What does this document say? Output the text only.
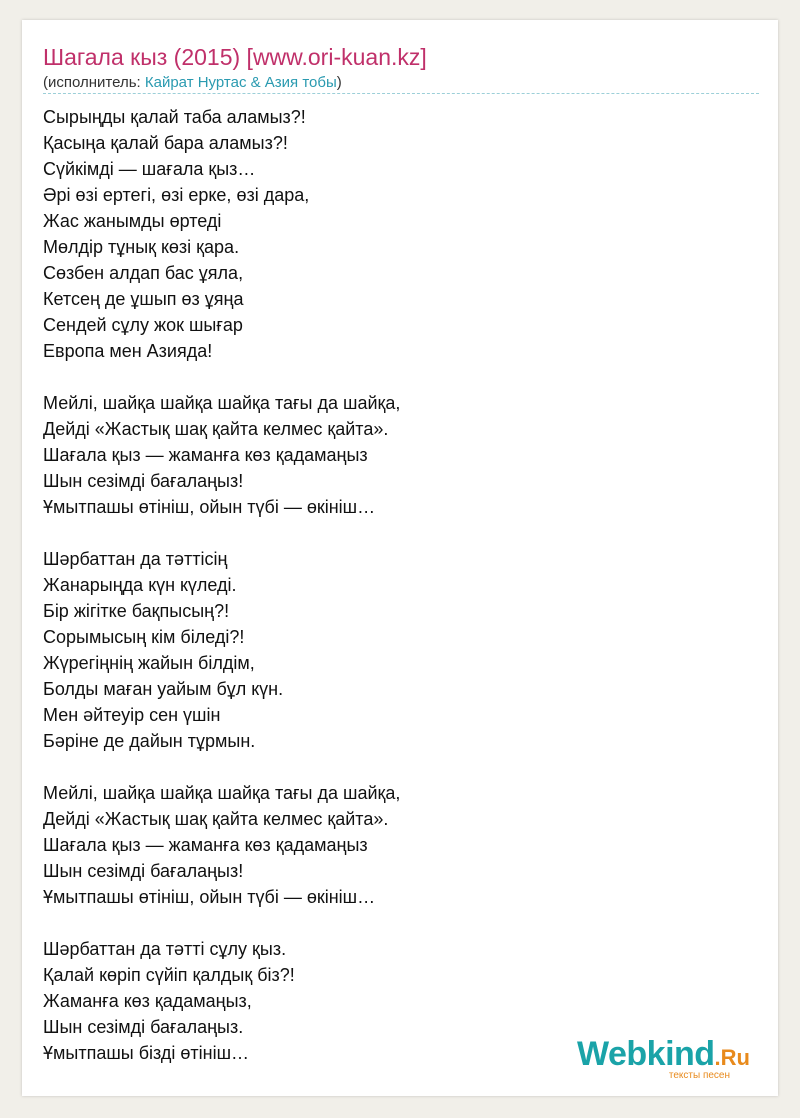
Шагала кыз (2015) [www.ori-kuan.kz]
(исполнитель: Кайрат Нуртас & Азия тобы)
Сырыңды қалай таба аламыз?!
Қасыңа қалай бара аламыз?!
Сүйкімді — шағала қыз…
Әрі өзі ертегі, өзі ерке, өзі дара,
Жас жанымды өртеді
Мөлдір тұнық көзі қара.
Сөзбен алдап бас ұяла,
Кетсең де ұшып өз ұяңа
Сендей сұлу жок шығар
Европа мен Азияда!
Мейлі, шайқа шайқа шайқа тағы да шайқа,
Дейді «Жастық шақ қайта келмес қайта».
Шағала қыз — жаманға көз қадамаңыз
Шын сезімді бағалаңыз!
Ұмытпашы өтініш, ойын түбі — өкініш…
Шәрбаттан да тәттісің
Жанарыңда күн күледі.
Бір жігітке бақпысың?!
Сорымысың кім біледі?!
Жүрегіңнің жайын білдім,
Болды маған уайым бұл күн.
Мен әйтеуір сен үшін
Бәріне де дайын тұрмын.
Мейлі, шайқа шайқа шайқа тағы да шайқа,
Дейді «Жастық шақ қайта келмес қайта».
Шағала қыз — жаманға көз қадамаңыз
Шын сезімді бағалаңыз!
Ұмытпашы өтініш, ойын түбі — өкініш…
Шәрбаттан да тәтті сұлу қыз.
Қалай көріп сүйіп қалдық біз?!
Жаманға көз қадамаңыз,
Шын сезімді бағалаңыз.
Ұмытпашы бізді өтініш…	Webkind.Ru
тексты песен
